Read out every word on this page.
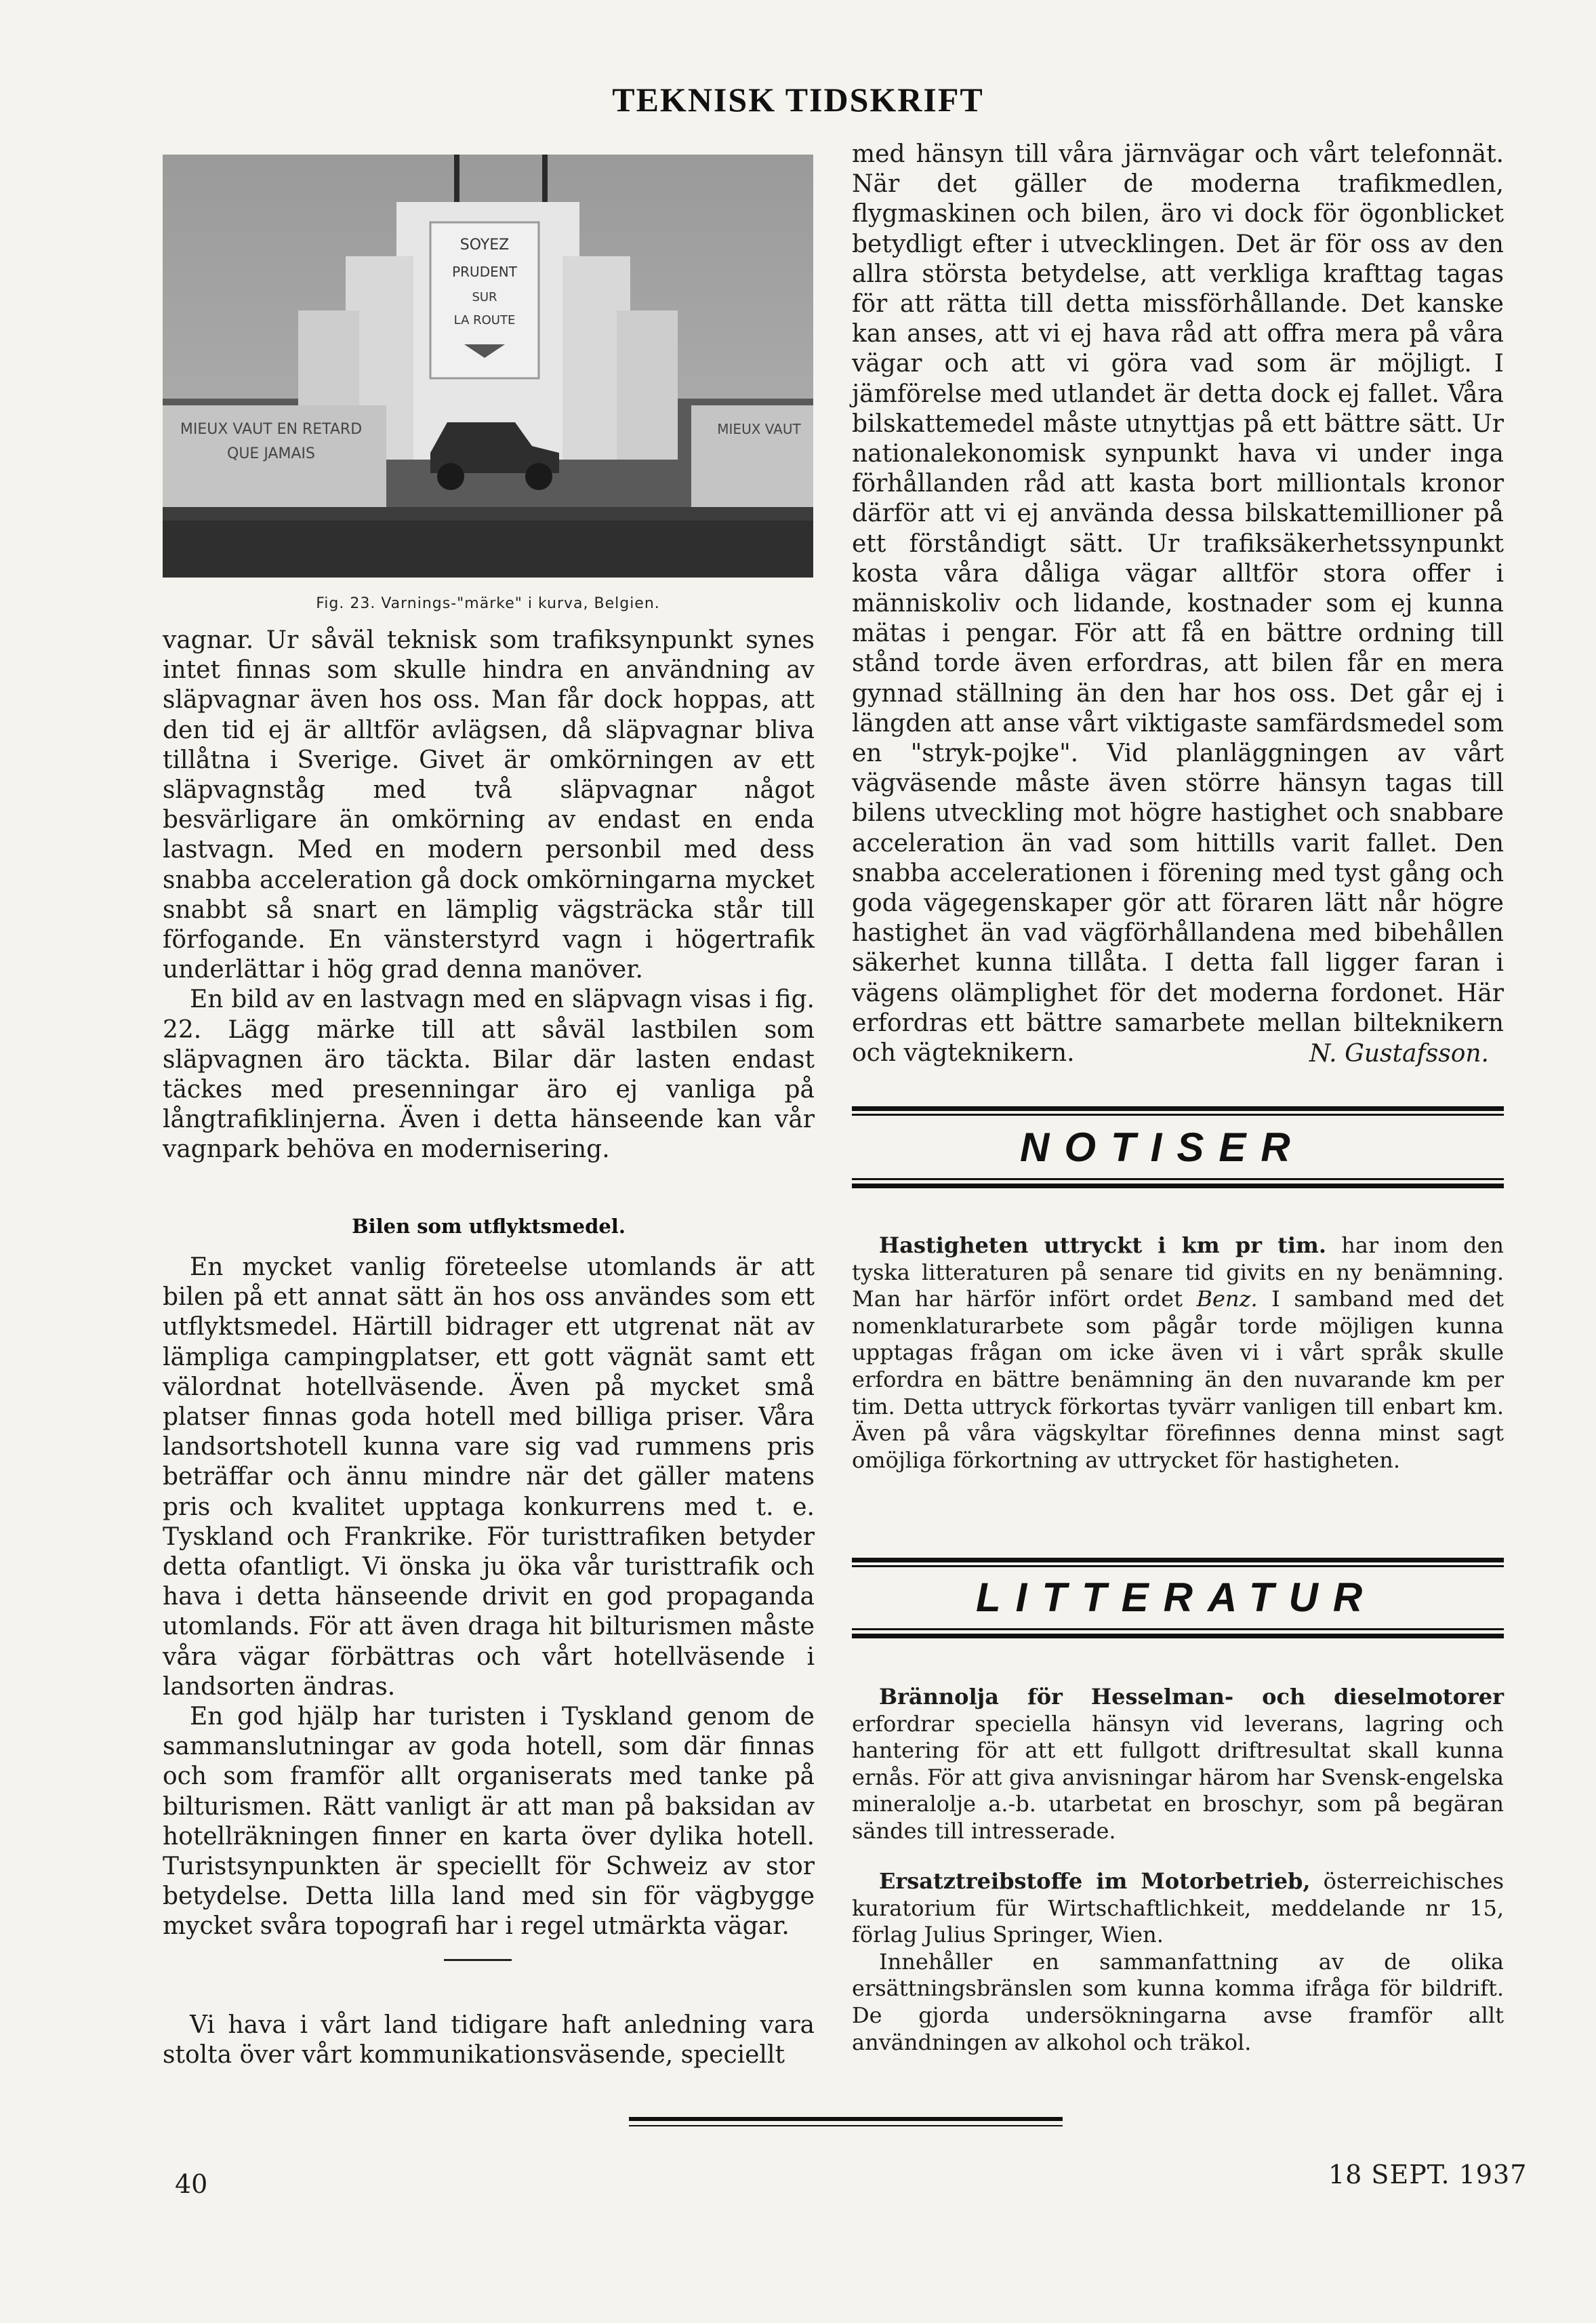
TEKNISK TIDSKRIFT
SOYEZ
PRUDENT
SUR
LA ROUTE
MIEUX VAUT EN RETARD
QUE JAMAIS
MIEUX VAUT
Fig. 23. Varnings-"märke" i kurva, Belgien.

vagnar. Ur såväl teknisk som trafiksynpunkt synes intet finnas som skulle hindra en användning av släpvagnar även hos oss. Man får dock hoppas, att den tid ej är alltför avlägsen, då släpvagnar bliva tillåtna i Sverige. Givet är omkörningen av ett släpvagnståg med två släpvagnar något besvärligare än omkörning av endast en enda lastvagn. Med en modern personbil med dess snabba acceleration gå dock omkörningarna mycket snabbt så snart en lämplig vägsträcka står till förfogande. En vänsterstyrd vagn i högertrafik underlättar i hög grad denna manöver.

En bild av en lastvagn med en släpvagn visas i fig. 22. Lägg märke till att såväl lastbilen som släpvagnen äro täckta. Bilar där lasten endast täckes med presenningar äro ej vanliga på långtrafiklinjerna. Även i detta hänseende kan vår vagnpark behöva en modernisering.

Bilen som utflyktsmedel.

En mycket vanlig företeelse utomlands är att bilen på ett annat sätt än hos oss användes som ett utflyktsmedel. Härtill bidrager ett utgrenat nät av lämpliga campingplatser, ett gott vägnät samt ett välordnat hotellväsende. Även på mycket små platser finnas goda hotell med billiga priser. Våra landsortshotell kunna vare sig vad rummens pris beträffar och ännu mindre när det gäller matens pris och kvalitet upptaga konkurrens med t. e. Tyskland och Frankrike. För turisttrafiken betyder detta ofantligt. Vi önska ju öka vår turisttrafik och hava i detta hänseende drivit en god propaganda utomlands. För att även draga hit bilturismen måste våra vägar förbättras och vårt hotellväsende i landsorten ändras.

En god hjälp har turisten i Tyskland genom de sammanslutningar av goda hotell, som där finnas och som framför allt organiserats med tanke på bilturismen. Rätt vanligt är att man på baksidan av hotellräkningen finner en karta över dylika hotell. Turistsynpunkten är speciellt för Schweiz av stor betydelse. Detta lilla land med sin för vägbygge mycket svåra topografi har i regel utmärkta vägar.

Vi hava i vårt land tidigare haft anledning vara stolta över vårt kommunikationsväsende, speciellt

med hänsyn till våra järnvägar och vårt telefonnät. När det gäller de moderna trafikmedlen, flygmaskinen och bilen, äro vi dock för ögonblicket betydligt efter i utvecklingen. Det är för oss av den allra största betydelse, att verkliga krafttag tagas för att rätta till detta missförhållande. Det kanske kan anses, att vi ej hava råd att offra mera på våra vägar och att vi göra vad som är möjligt. I jämförelse med utlandet är detta dock ej fallet. Våra bilskattemedel måste utnyttjas på ett bättre sätt. Ur nationalekonomisk synpunkt hava vi under inga förhållanden råd att kasta bort milliontals kronor därför att vi ej använda dessa bilskattemillioner på ett förståndigt sätt. Ur trafiksäkerhetssynpunkt kosta våra dåliga vägar alltför stora offer i människoliv och lidande, kostnader som ej kunna mätas i pengar. För att få en bättre ordning till stånd torde även erfordras, att bilen får en mera gynnad ställning än den har hos oss. Det går ej i längden att anse vårt viktigaste samfärdsmedel som en "stryk-pojke". Vid planläggningen av vårt vägväsende måste även större hänsyn tagas till bilens utveckling mot högre hastighet och snabbare acceleration än vad som hittills varit fallet. Den snabba accelerationen i förening med tyst gång och goda vägegenskaper gör att föraren lätt når högre hastighet än vad vägförhållandena med bibehållen säkerhet kunna tillåta. I detta fall ligger faran i vägens olämplighet för det moderna fordonet. Här erfordras ett bättre samarbete mellan bilteknikern och vägteknikern.	N. Gustafsson.
NOTISER

Hastigheten uttryckt i km pr tim. har inom den tyska litteraturen på senare tid givits en ny benämning. Man har härför infört ordet Benz. I samband med det nomenklaturarbete som pågår torde möjligen kunna upptagas frågan om icke även vi i vårt språk skulle erfordra en bättre benämning än den nuvarande km per tim. Detta uttryck förkortas tyvärr vanligen till enbart km. Även på våra vägskyltar förefinnes denna minst sagt omöjliga förkortning av uttrycket för hastigheten.

LITTERATUR

Brännolja för Hesselman- och dieselmotorer erfordrar speciella hänsyn vid leverans, lagring och hantering för att ett fullgott driftresultat skall kunna ernås. För att giva anvisningar härom har Svensk-engelska mineralolje a.-b. utarbetat en broschyr, som på begäran sändes till intresserade.

Ersatztreibstoffe im Motorbetrieb, österreichisches kuratorium für Wirtschaftlichkeit, meddelande nr 15, förlag Julius Springer, Wien.

Innehåller en sammanfattning av de olika ersättningsbränslen som kunna komma ifråga för bildrift. De gjorda undersökningarna avse framför allt användningen av alkohol och träkol.

40	18 SEPT. 1937
